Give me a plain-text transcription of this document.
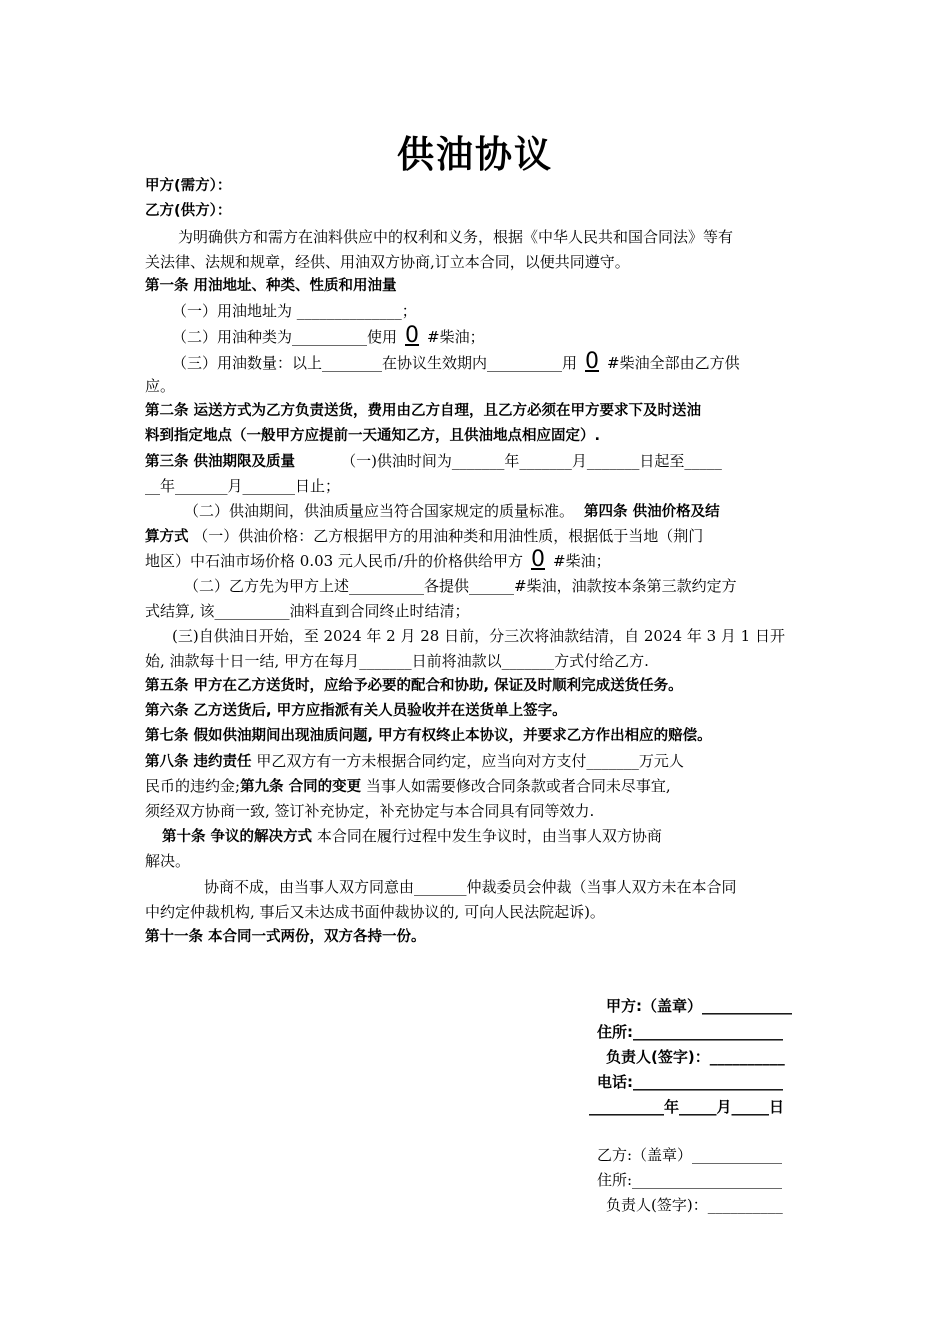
供油协议
甲方(需方）：
乙方(供方）：
为明确供方和需方在油料供应中的权利和义务，根据《中华人民共和国合同法》等有
关法律、法规和规章，经供、用油双方协商,订立本合同，以便共同遵守。
第一条 用油地址、种类、性质和用油量
（一）用油地址为 ______________；
（二）用油种类为__________使用 0 #柴油；
（三）用油数量：以上________在协议生效期内__________用 0 #柴油全部由乙方供
应。
第二条 运送方式为乙方负责送货，费用由乙方自理，且乙方必须在甲方要求下及时送油
料到指定地点（一般甲方应提前一天通知乙方，且供油地点相应固定）.
第三条 供油期限及质量	（一)供油时间为_______年_______月_______日起至_____
__年_______月_______日止；
（二）供油期间，供油质量应当符合国家规定的质量标准。 第四条 供油价格及结
算方式 （一）供油价格：乙方根据甲方的用油种类和用油性质，根据低于当地（荆门
地区）中石油市场价格 0.03 元人民币/升的价格供给甲方 0 #柴油；
（二）乙方先为甲方上述__________各提供______#柴油，油款按本条第三款约定方
式结算, 该__________油料直到合同终止时结清；
(三)自供油日开始，至 2024 年 2 月 28 日前，分三次将油款结清，自 2024 年 3 月 1 日开
始, 油款每十日一结, 甲方在每月_______日前将油款以_______方式付给乙方.
第五条 甲方在乙方送货时，应给予必要的配合和协助, 保证及时顺利完成送货任务。
第六条 乙方送货后, 甲方应指派有关人员验收并在送货单上签字。
第七条 假如供油期间出现油质问题, 甲方有权终止本协议，并要求乙方作出相应的赔偿。
第八条 违约责任 甲乙双方有一方未根据合同约定，应当向对方支付_______万元人
民币的违约金;第九条 合同的变更 当事人如需要修改合同条款或者合同未尽事宜,
须经双方协商一致, 签订补充协定，补充协定与本合同具有同等效力.
第十条 争议的解决方式 本合同在履行过程中发生争议时，由当事人双方协商
解决。
协商不成，由当事人双方同意由_______仲裁委员会仲裁（当事人双方未在本合同
中约定仲裁机构, 事后又未达成书面仲裁协议的, 可向人民法院起诉)。
第十一条 本合同一式两份，双方各持一份。
甲方:（盖章）____________
住所:____________________
负责人(签字)：__________
电话:____________________
__________年_____月_____日
乙方:（盖章）____________
住所:____________________
负责人(签字)：__________
